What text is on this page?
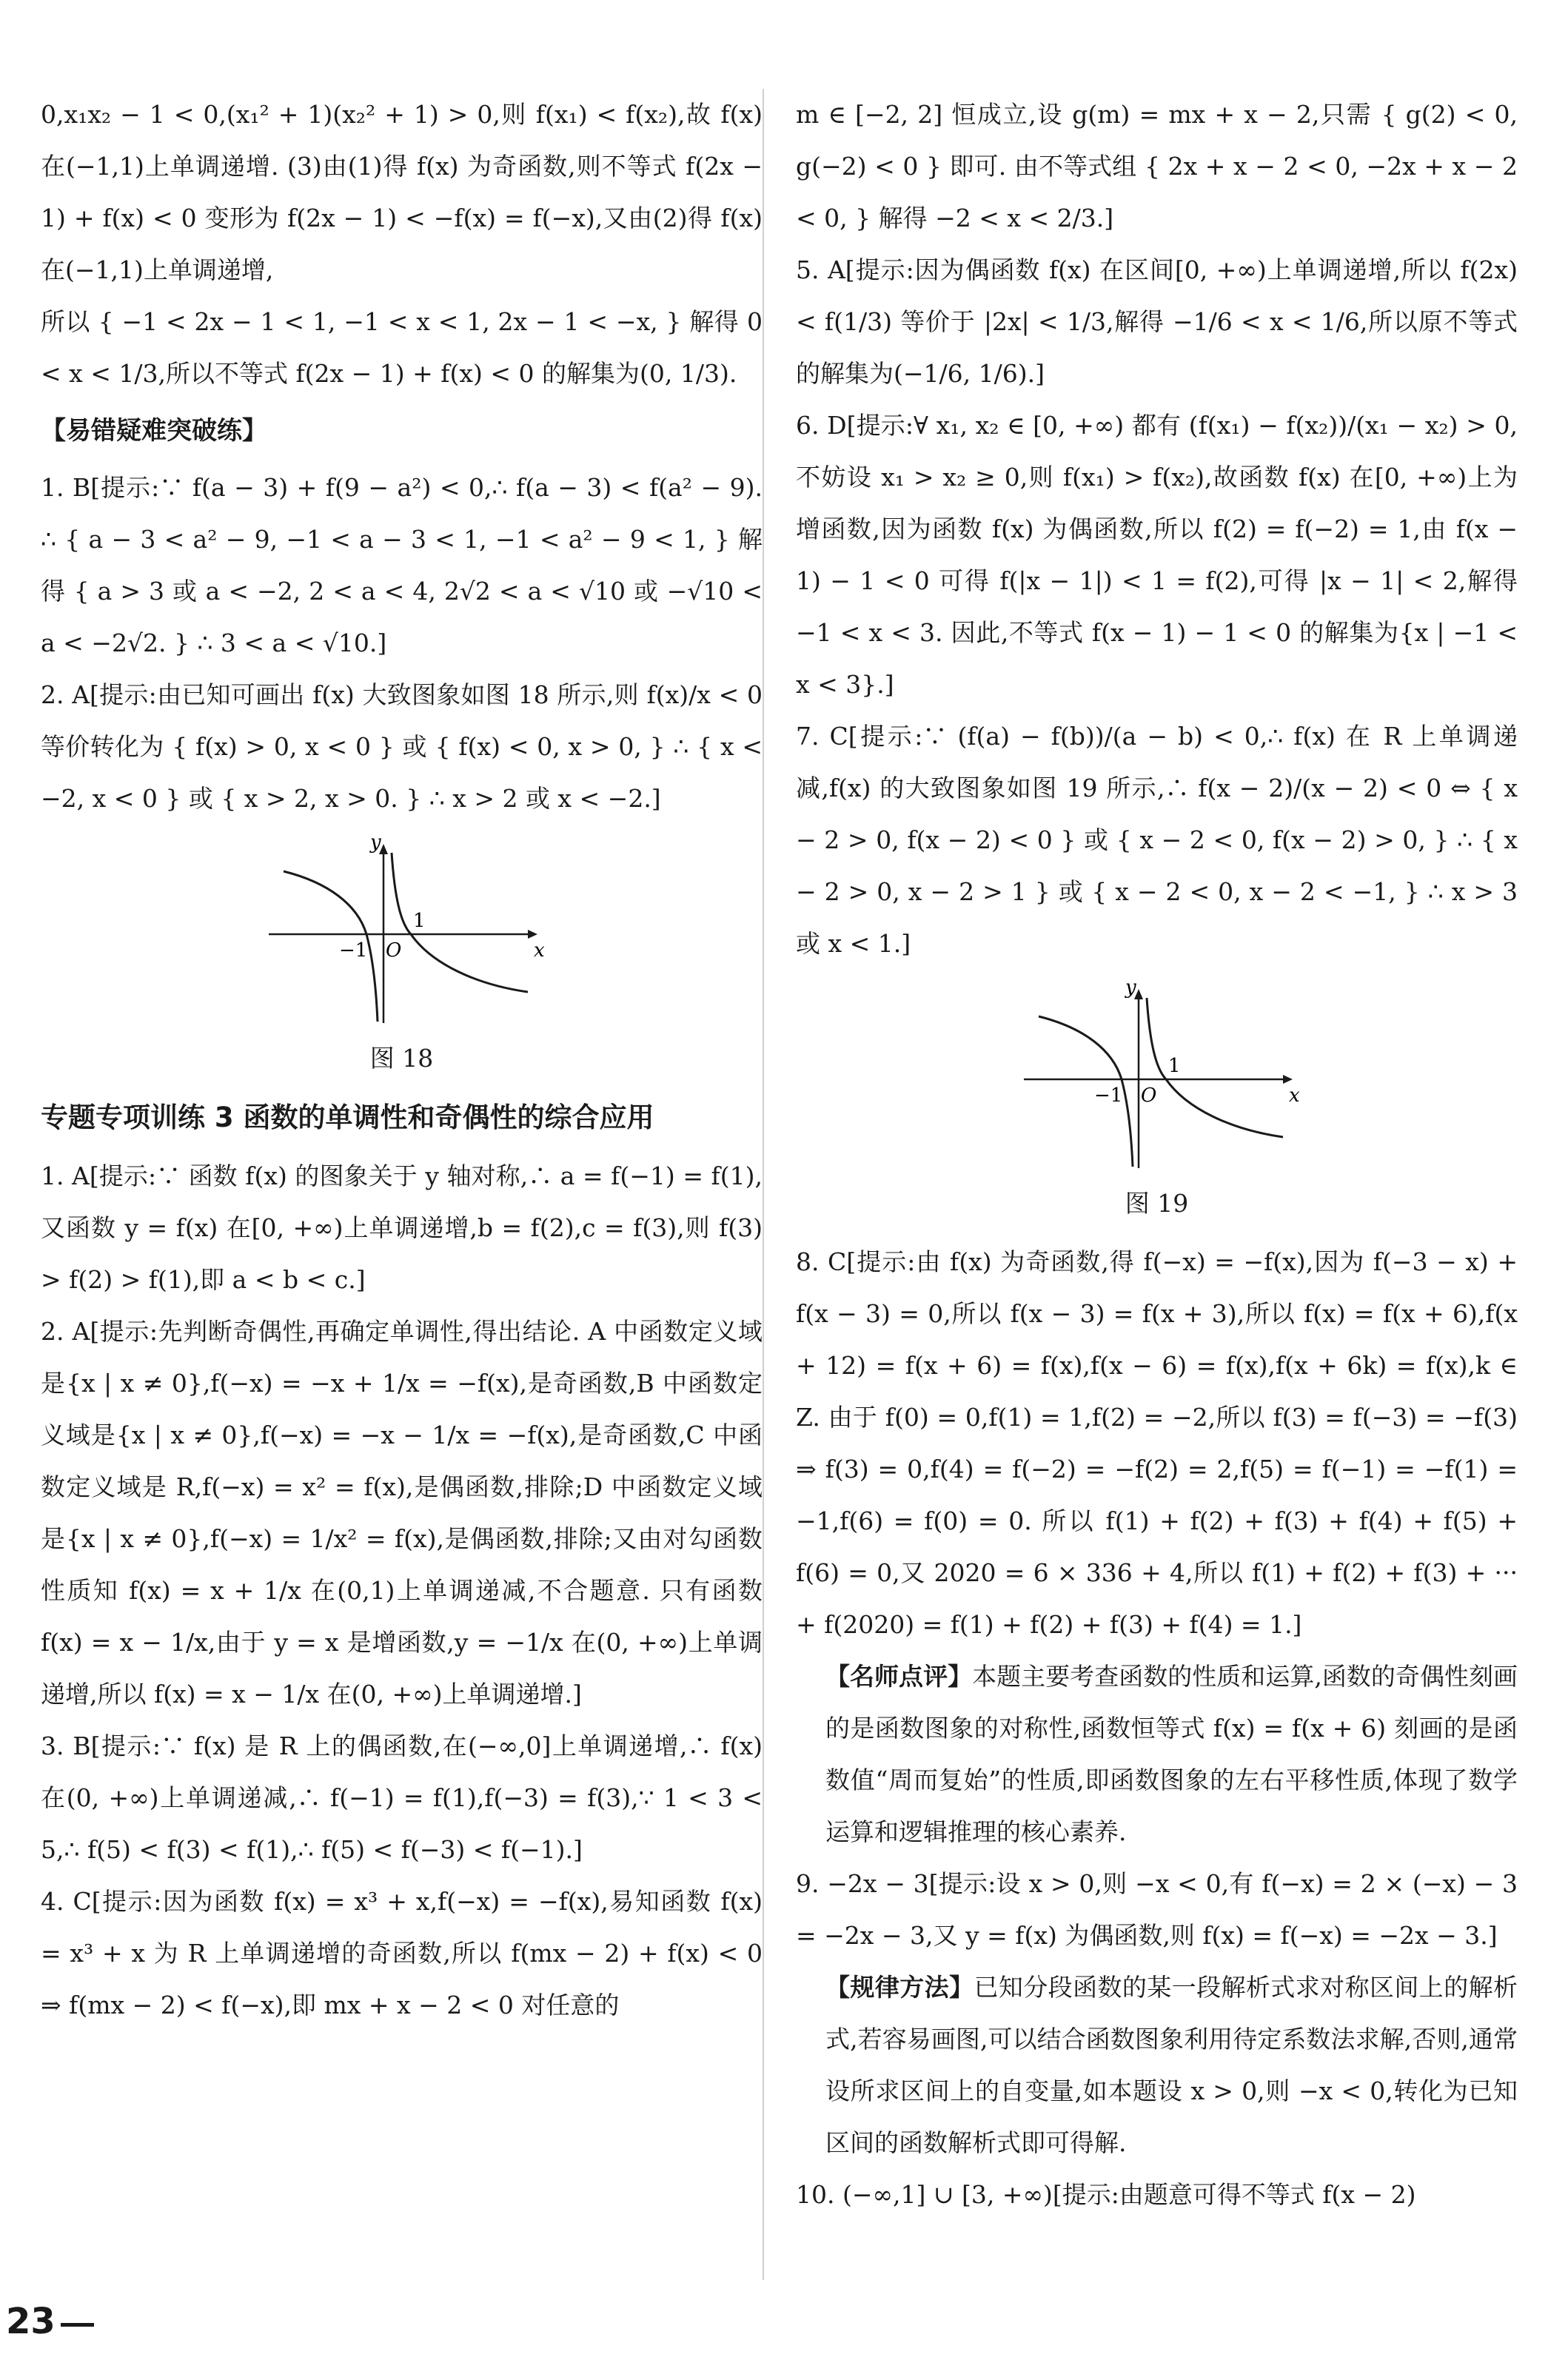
0,x₁x₂ − 1 < 0,(x₁² + 1)(x₂² + 1) > 0,则 f(x₁) < f(x₂),故 f(x) 在(−1,1)上单调递增. (3)由(1)得 f(x) 为奇函数,则不等式 f(2x − 1) + f(x) < 0 变形为 f(2x − 1) < −f(x) = f(−x),又由(2)得 f(x) 在(−1,1)上单调递增,

所以 { −1 < 2x − 1 < 1, −1 < x < 1, 2x − 1 < −x, } 解得 0 < x < 1/3,所以不等式 f(2x − 1) + f(x) < 0 的解集为(0, 1/3).

【易错疑难突破练】

1. B[提示:∵ f(a − 3) + f(9 − a²) < 0,∴ f(a − 3) < f(a² − 9). ∴ { a − 3 < a² − 9, −1 < a − 3 < 1, −1 < a² − 9 < 1, } 解得 { a > 3 或 a < −2, 2 < a < 4, 2√2 < a < √10 或 −√10 < a < −2√2. } ∴ 3 < a < √10.]

2. A[提示:由已知可画出 f(x) 大致图象如图 18 所示,则 f(x)/x < 0 等价转化为 { f(x) > 0, x < 0 } 或 { f(x) < 0, x > 0, } ∴ { x < −2, x < 0 } 或 { x > 2, x > 0. } ∴ x > 2 或 x < −2.]

y
x
O
−1
1
图 18
专题专项训练 3 函数的单调性和奇偶性的综合应用

1. A[提示:∵ 函数 f(x) 的图象关于 y 轴对称,∴ a = f(−1) = f(1),又函数 y = f(x) 在[0, +∞)上单调递增,b = f(2),c = f(3),则 f(3) > f(2) > f(1),即 a < b < c.]

2. A[提示:先判断奇偶性,再确定单调性,得出结论. A 中函数定义域是{x | x ≠ 0},f(−x) = −x + 1/x = −f(x),是奇函数,B 中函数定义域是{x | x ≠ 0},f(−x) = −x − 1/x = −f(x),是奇函数,C 中函数定义域是 R,f(−x) = x² = f(x),是偶函数,排除;D 中函数定义域是{x | x ≠ 0},f(−x) = 1/x² = f(x),是偶函数,排除;又由对勾函数性质知 f(x) = x + 1/x 在(0,1)上单调递减,不合题意. 只有函数 f(x) = x − 1/x,由于 y = x 是增函数,y = −1/x 在(0, +∞)上单调递增,所以 f(x) = x − 1/x 在(0, +∞)上单调递增.]

3. B[提示:∵ f(x) 是 R 上的偶函数,在(−∞,0]上单调递增,∴ f(x) 在(0, +∞)上单调递减,∴ f(−1) = f(1),f(−3) = f(3),∵ 1 < 3 < 5,∴ f(5) < f(3) < f(1),∴ f(5) < f(−3) < f(−1).]

4. C[提示:因为函数 f(x) = x³ + x,f(−x) = −f(x),易知函数 f(x) = x³ + x 为 R 上单调递增的奇函数,所以 f(mx − 2) + f(x) < 0 ⇒ f(mx − 2) < f(−x),即 mx + x − 2 < 0 对任意的

m ∈ [−2, 2] 恒成立,设 g(m) = mx + x − 2,只需 { g(2) < 0, g(−2) < 0 } 即可. 由不等式组 { 2x + x − 2 < 0, −2x + x − 2 < 0, } 解得 −2 < x < 2/3.]

5. A[提示:因为偶函数 f(x) 在区间[0, +∞)上单调递增,所以 f(2x) < f(1/3) 等价于 |2x| < 1/3,解得 −1/6 < x < 1/6,所以原不等式的解集为(−1/6, 1/6).]

6. D[提示:∀ x₁, x₂ ∈ [0, +∞) 都有 (f(x₁) − f(x₂))/(x₁ − x₂) > 0,不妨设 x₁ > x₂ ≥ 0,则 f(x₁) > f(x₂),故函数 f(x) 在[0, +∞)上为增函数,因为函数 f(x) 为偶函数,所以 f(2) = f(−2) = 1,由 f(x − 1) − 1 < 0 可得 f(|x − 1|) < 1 = f(2),可得 |x − 1| < 2,解得 −1 < x < 3. 因此,不等式 f(x − 1) − 1 < 0 的解集为{x | −1 < x < 3}.]

7. C[提示:∵ (f(a) − f(b))/(a − b) < 0,∴ f(x) 在 R 上单调递减,f(x) 的大致图象如图 19 所示,∴ f(x − 2)/(x − 2) < 0 ⇔ { x − 2 > 0, f(x − 2) < 0 } 或 { x − 2 < 0, f(x − 2) > 0, } ∴ { x − 2 > 0, x − 2 > 1 } 或 { x − 2 < 0, x − 2 < −1, } ∴ x > 3 或 x < 1.]

y
x
O
−1
1
图 19

8. C[提示:由 f(x) 为奇函数,得 f(−x) = −f(x),因为 f(−3 − x) + f(x − 3) = 0,所以 f(x − 3) = f(x + 3),所以 f(x) = f(x + 6),f(x + 12) = f(x + 6) = f(x),f(x − 6) = f(x),f(x + 6k) = f(x),k ∈ Z. 由于 f(0) = 0,f(1) = 1,f(2) = −2,所以 f(3) = f(−3) = −f(3) ⇒ f(3) = 0,f(4) = f(−2) = −f(2) = 2,f(5) = f(−1) = −f(1) = −1,f(6) = f(0) = 0. 所以 f(1) + f(2) + f(3) + f(4) + f(5) + f(6) = 0,又 2020 = 6 × 336 + 4,所以 f(1) + f(2) + f(3) + ··· + f(2020) = f(1) + f(2) + f(3) + f(4) = 1.]

【名师点评】本题主要考查函数的性质和运算,函数的奇偶性刻画的是函数图象的对称性,函数恒等式 f(x) = f(x + 6) 刻画的是函数值“周而复始”的性质,即函数图象的左右平移性质,体现了数学运算和逻辑推理的核心素养.

9. −2x − 3[提示:设 x > 0,则 −x < 0,有 f(−x) = 2 × (−x) − 3 = −2x − 3,又 y = f(x) 为偶函数,则 f(x) = f(−x) = −2x − 3.]

【规律方法】已知分段函数的某一段解析式求对称区间上的解析式,若容易画图,可以结合函数图象利用待定系数法求解,否则,通常设所求区间上的自变量,如本题设 x > 0,则 −x < 0,转化为已知区间的函数解析式即可得解.

10. (−∞,1] ∪ [3, +∞)[提示:由题意可得不等式 f(x − 2)

23
